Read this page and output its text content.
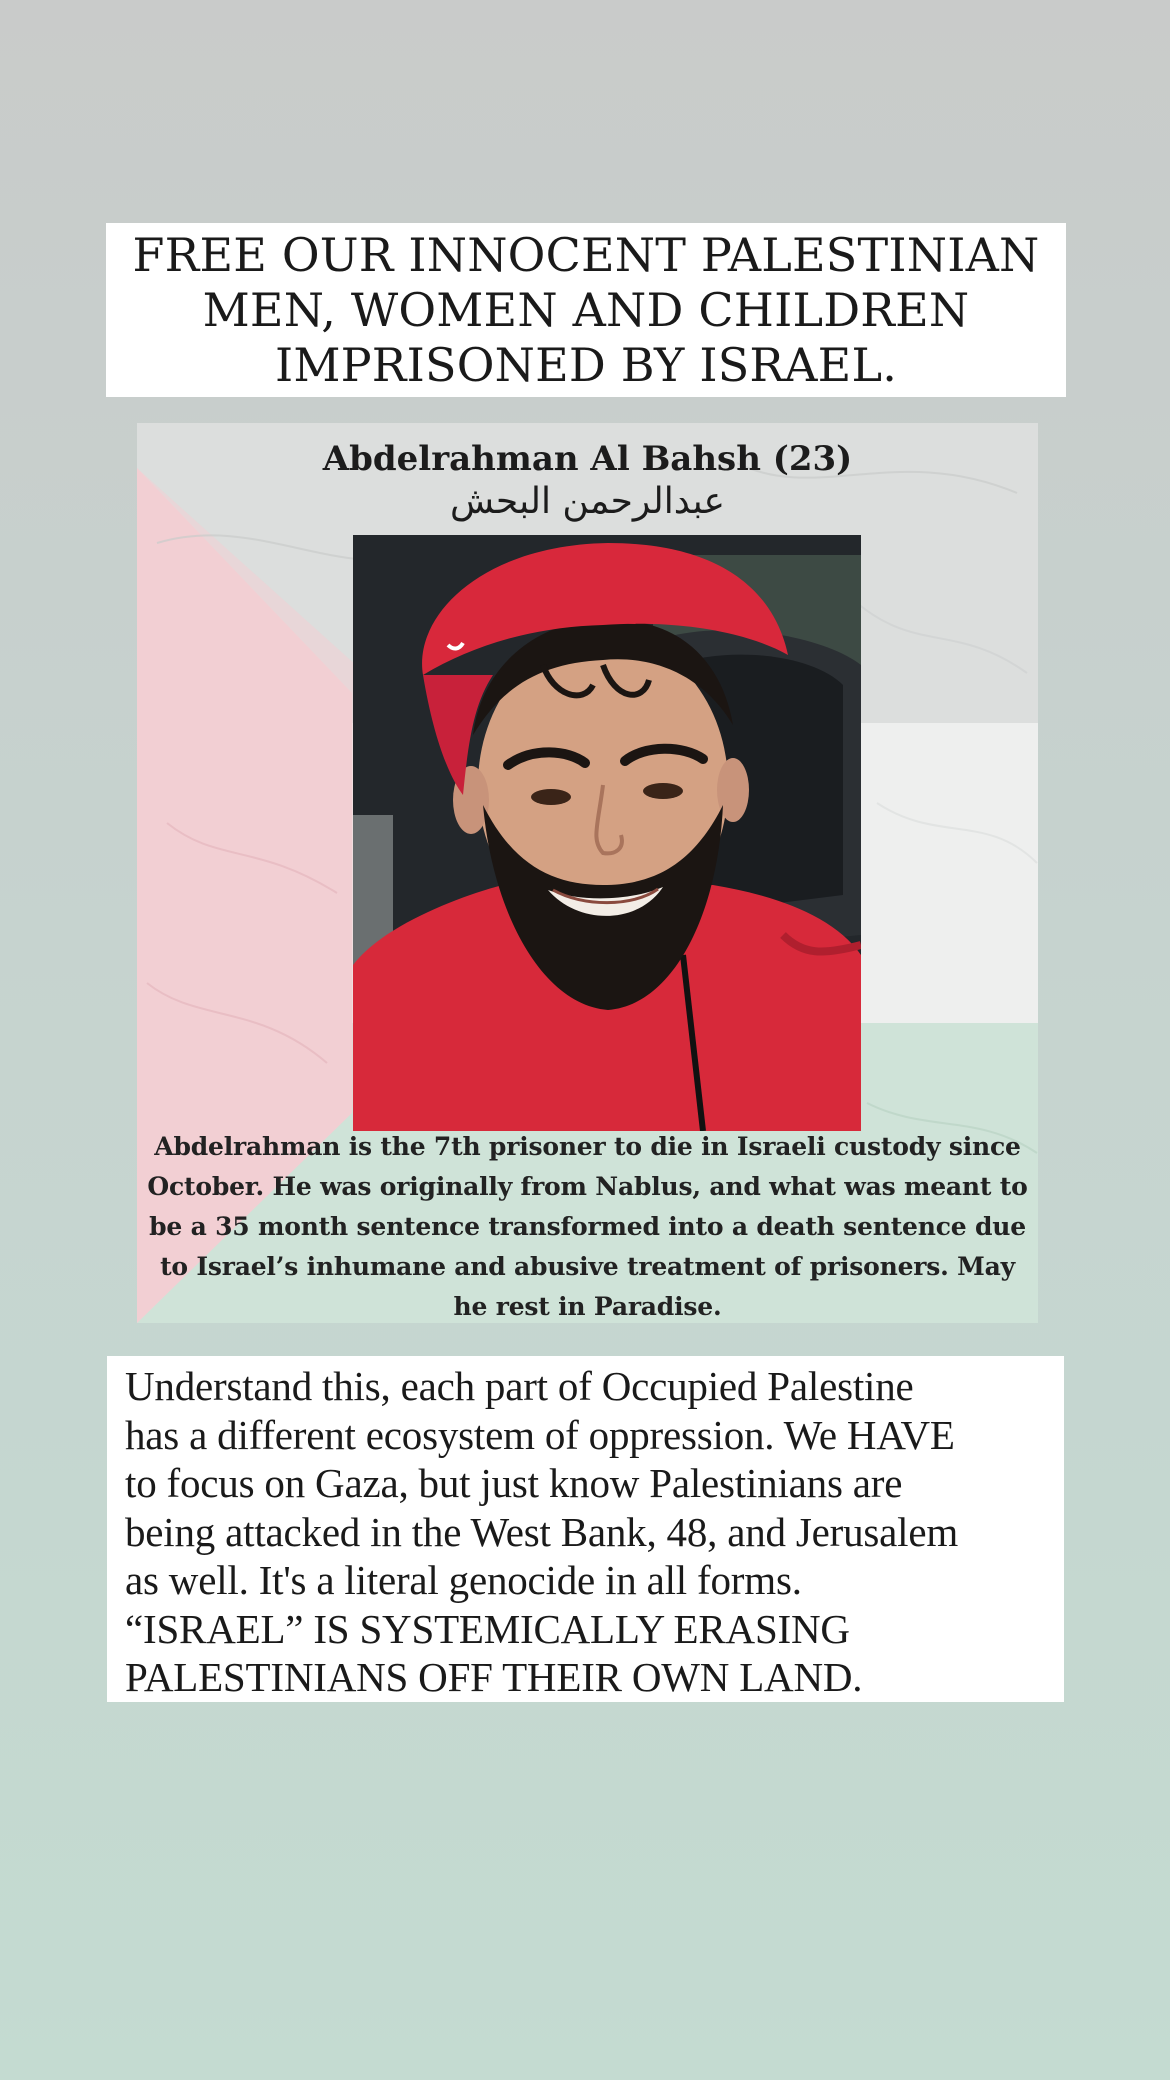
FREE OUR INNOCENT PALESTINIAN MEN, WOMEN AND CHILDREN IMPRISONED BY ISRAEL.
Abdelrahman Al Bahsh (23)
عبدالرحمن البحش
Abdelrahman is the 7th prisoner to die in Israeli custody since October. He was originally from Nablus, and what was meant to be a 35 month sentence transformed into a death sentence due to Israel’s inhumane and abusive treatment of prisoners. May he rest in Paradise.
Understand this, each part of Occupied Palestine
has a different ecosystem of oppression. We HAVE
to focus on Gaza, but just know Palestinians are
being attacked in the West Bank, 48, and Jerusalem
as well. It's a literal genocide in all forms.
“ISRAEL” IS SYSTEMICALLY ERASING
PALESTINIANS OFF THEIR OWN LAND.
